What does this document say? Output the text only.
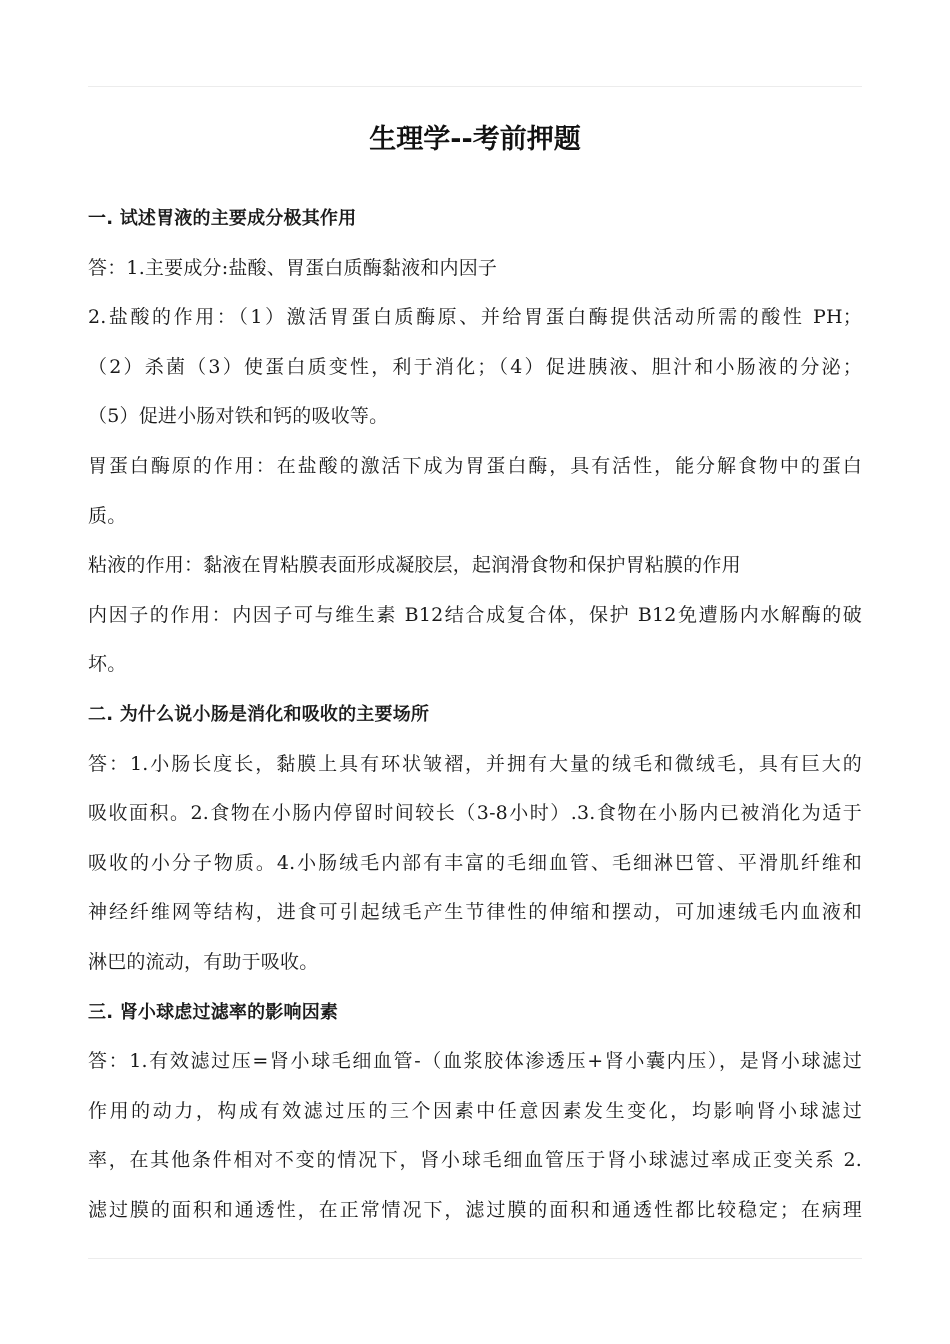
生理学--考前押题
一. 试述胃液的主要成分极其作用
答：1.主要成分:盐酸、胃蛋白质酶黏液和内因子
2.盐酸的作用：（1）激活胃蛋白质酶原、并给胃蛋白酶提供活动所需的酸性 PH；
（2）杀菌（3）使蛋白质变性，利于消化；（4）促进胰液、胆汁和小肠液的分泌；
（5）促进小肠对铁和钙的吸收等。
胃蛋白酶原的作用：在盐酸的激活下成为胃蛋白酶，具有活性，能分解食物中的蛋白
质。
粘液的作用：黏液在胃粘膜表面形成凝胶层，起润滑食物和保护胃粘膜的作用
内因子的作用：内因子可与维生素 B12结合成复合体，保护 B12免遭肠内水解酶的破
坏。
二. 为什么说小肠是消化和吸收的主要场所
答：1.小肠长度长，黏膜上具有环状皱褶，并拥有大量的绒毛和微绒毛，具有巨大的
吸收面积。2.食物在小肠内停留时间较长（3-8小时）.3.食物在小肠内已被消化为适于
吸收的小分子物质。4.小肠绒毛内部有丰富的毛细血管、毛细淋巴管、平滑肌纤维和
神经纤维网等结构，进食可引起绒毛产生节律性的伸缩和摆动，可加速绒毛内血液和
淋巴的流动，有助于吸收。
三. 肾小球虑过滤率的影响因素
答：1.有效滤过压=肾小球毛细血管-（血浆胶体渗透压+肾小囊内压），是肾小球滤过
作用的动力，构成有效滤过压的三个因素中任意因素发生变化，均影响肾小球滤过
率，在其他条件相对不变的情况下，肾小球毛细血管压于肾小球滤过率成正变关系 2.
滤过膜的面积和通透性，在正常情况下，滤过膜的面积和通透性都比较稳定；在病理
